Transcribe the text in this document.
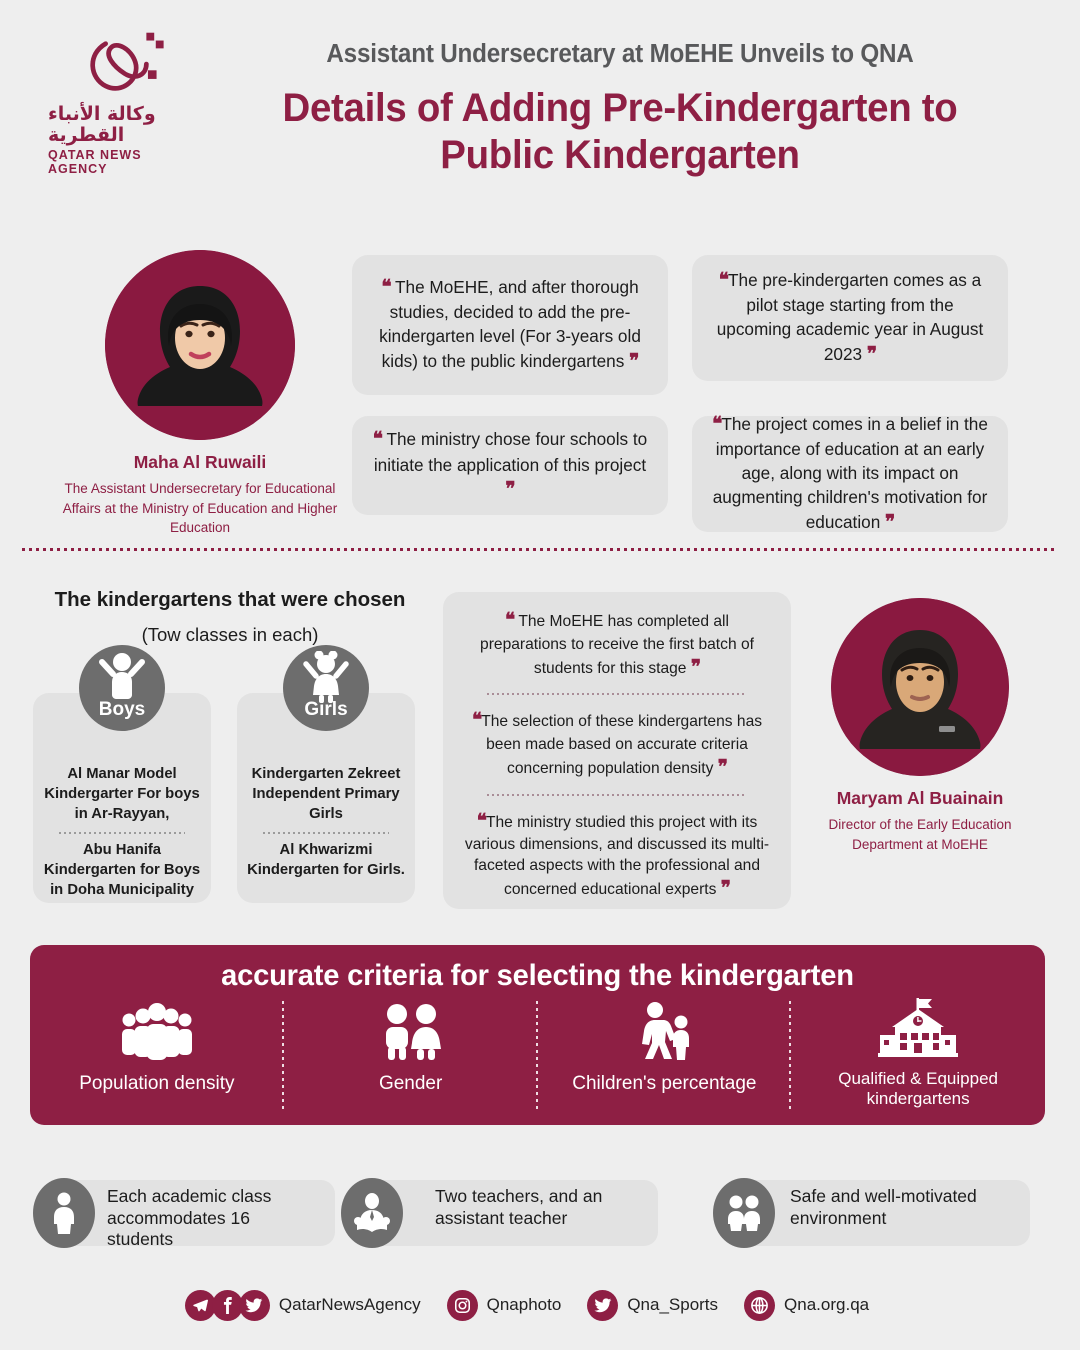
وكالة الأنباء القطرية
QATAR NEWS AGENCY
Assistant Undersecretary at MoEHE Unveils to QNA
Details of Adding Pre-Kindergarten to
Public Kindergarten
Maha Al Ruwaili
The Assistant Undersecretary for Educational Affairs at the Ministry of Education and Higher Education
❝ The MoEHE, and after thorough studies, decided to add the pre-kindergarten level (For 3-years old kids) to the public kindergartens ❞
❝The pre-kindergarten comes as a pilot stage starting from the upcoming academic year in August 2023 ❞
❝ The ministry chose four schools to initiate the application of this project ❞
❝The project comes in a belief in the importance of education at an early age, along with its impact on augmenting children's motivation for education ❞
The kindergartens that were chosen
(Tow classes in each)
Boys
Al Manar Model Kindergarter For boys in Ar-Rayyan,
Abu Hanifa Kindergarten for Boys in Doha Municipality
Girls
Kindergarten Zekreet Independent Primary Girls
Al Khwarizmi Kindergarten for Girls.
❝ The MoEHE has completed all preparations to receive the first batch of students for this stage ❞
❝The selection of these kindergartens has been made based on accurate criteria concerning population density ❞
❝The ministry studied this project with its various dimensions, and discussed its multi-faceted aspects with the professional and concerned educational experts ❞
Maryam Al Buainain
Director of the Early Education Department at MoEHE
accurate criteria for selecting the kindergarten
Population density	Gender	Children's percentage	Qualified & Equipped kindergartens
Each academic class accommodates 16 students
Two teachers, and an assistant teacher
Safe and well-motivated environment
QatarNewsAgency	Qnaphoto	Qna_Sports	Qna.org.qa
